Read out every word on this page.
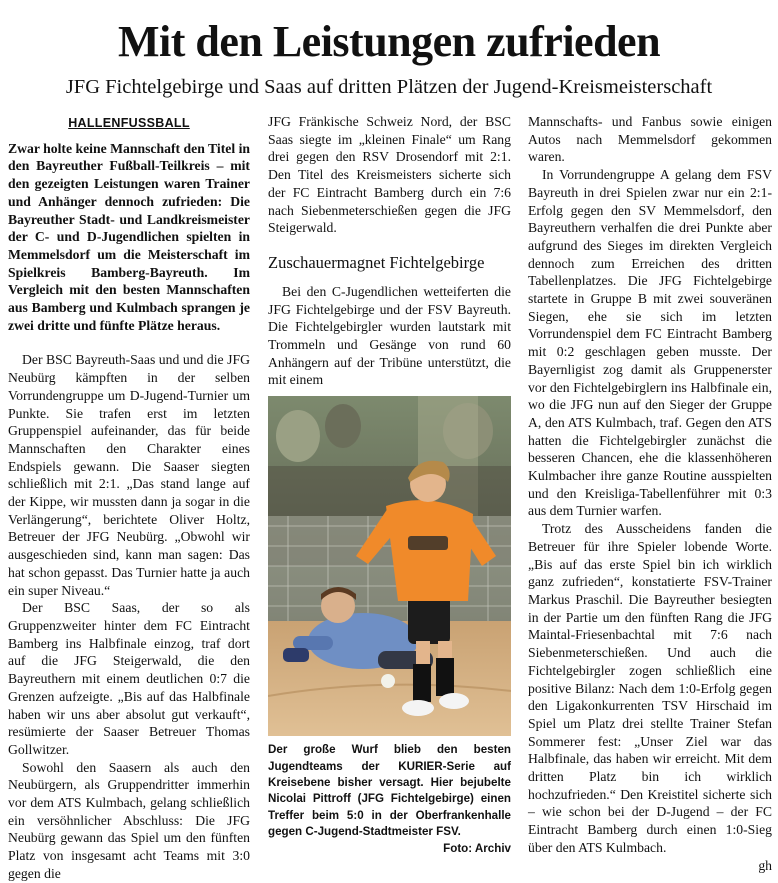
Mit den Leistungen zufrieden
JFG Fichtelgebirge und Saas auf dritten Plätzen der Jugend-Kreismeisterschaft
HALLENFUSSBALL

Zwar holte keine Mannschaft den Titel in den Bayreuther Fußball-Teilkreis – mit den gezeigten Leistungen waren Trainer und Anhänger dennoch zufrieden: Die Bayreuther Stadt- und Landkreismeister der C- und D-Jugendlichen spielten in Memmelsdorf um die Meisterschaft im Spielkreis Bamberg-Bayreuth. Im Vergleich mit den besten Mannschaften aus Bamberg und Kulmbach sprangen je zwei dritte und fünfte Plätze heraus.

Der BSC Bayreuth-Saas und und die JFG Neubürg kämpften in der selben Vorrundengruppe um D-Jugend-Turnier um Punkte. Sie trafen erst im letzten Gruppenspiel aufeinander, das für beide Mannschaften den Charakter eines Endspiels gewann. Die Saaser siegten schließlich mit 2:1. „Das stand lange auf der Kippe, wir mussten dann ja sogar in die Verlängerung“, berichtete Oliver Holtz, Betreuer der JFG Neubürg. „Obwohl wir ausgeschieden sind, kann man sagen: Das hat schon gepasst. Das Turnier hatte ja auch ein super Niveau.“

Der BSC Saas, der so als Gruppenzweiter hinter dem FC Eintracht Bamberg ins Halbfinale einzog, traf dort auf die JFG Steigerwald, die den Bayreuthern mit einem deutlichen 0:7 die Grenzen aufzeigte. „Bis auf das Halbfinale haben wir uns aber absolut gut verkauft“, resümierte der Saaser Betreuer Thomas Gollwitzer.

Sowohl den Saasern als auch den Neubürgern, als Gruppendritter immerhin vor dem ATS Kulmbach, gelang schließlich ein versöhnlicher Abschluss: Die JFG Neubürg gewann das Spiel um den fünften Platz von insgesamt acht Teams mit 3:0 gegen die

JFG Fränkische Schweiz Nord, der BSC Saas siegte im „kleinen Finale“ um Rang drei gegen den RSV Drosendorf mit 2:1. Den Titel des Kreismeisters sicherte sich der FC Eintracht Bamberg durch ein 7:6 nach Siebenmeterschießen gegen die JFG Steigerwald.

Zuschauermagnet Fichtelgebirge

Bei den C-Jugendlichen wetteiferten die JFG Fichtelgebirge und der FSV Bayreuth. Die Fichtelgebirgler wurden lautstark mit Trommeln und Gesänge von rund 60 Anhängern auf der Tribüne unterstützt, die mit einem

Der große Wurf blieb den besten Jugendteams der KURIER-Serie auf Kreisebene bisher versagt. Hier bejubelte Nicolai Pittroff (JFG Fichtelgebirge) einen Treffer beim 5:0 in der Oberfrankenhalle gegen C-Jugend-Stadtmeister FSV.
Foto: Archiv

Mannschafts- und Fanbus sowie einigen Autos nach Memmelsdorf gekommen waren.

In Vorrundengruppe A gelang dem FSV Bayreuth in drei Spielen zwar nur ein 2:1-Erfolg gegen den SV Memmelsdorf, den Bayreuthern verhalfen die drei Punkte aber aufgrund des Sieges im direkten Vergleich dennoch zum Erreichen des dritten Tabellenplatzes. Die JFG Fichtelgebirge startete in Gruppe B mit zwei souveränen Siegen, ehe sie sich im letzten Vorrundenspiel dem FC Eintracht Bamberg mit 0:2 geschlagen geben musste. Der Bayernligist zog damit als Gruppenerster vor den Fichtelgebirglern ins Halbfinale ein, wo die JFG nun auf den Sieger der Gruppe A, den ATS Kulmbach, traf. Gegen den ATS hatten die Fichtelgebirgler zunächst die besseren Chancen, ehe die klassenhöheren Kulmbacher ihre ganze Routine ausspielten und den Kreisliga-Tabellenführer mit 0:3 aus dem Turnier warfen.

Trotz des Ausscheidens fanden die Betreuer für ihre Spieler lobende Worte. „Bis auf das erste Spiel bin ich wirklich ganz zufrieden“, konstatierte FSV-Trainer Markus Praschil. Die Bayreuther besiegten in der Partie um den fünften Rang die JFG Maintal-Friesenbachtal mit 7:6 nach Siebenmeterschießen. Und auch die Fichtelgebirgler zogen schließlich eine positive Bilanz: Nach dem 1:0-Erfolg gegen den Ligakonkurrenten TSV Hirschaid im Spiel um Platz drei stellte Trainer Stefan Sommerer fest: „Unser Ziel war das Halbfinale, das haben wir erreicht. Mit dem dritten Platz bin ich wirklich hochzufrieden.“ Den Kreistitel sicherte sich – wie schon bei der D-Jugend – der FC Eintracht Bamberg durch einen 1:0-Sieg über den ATS Kulmbach.

gh
